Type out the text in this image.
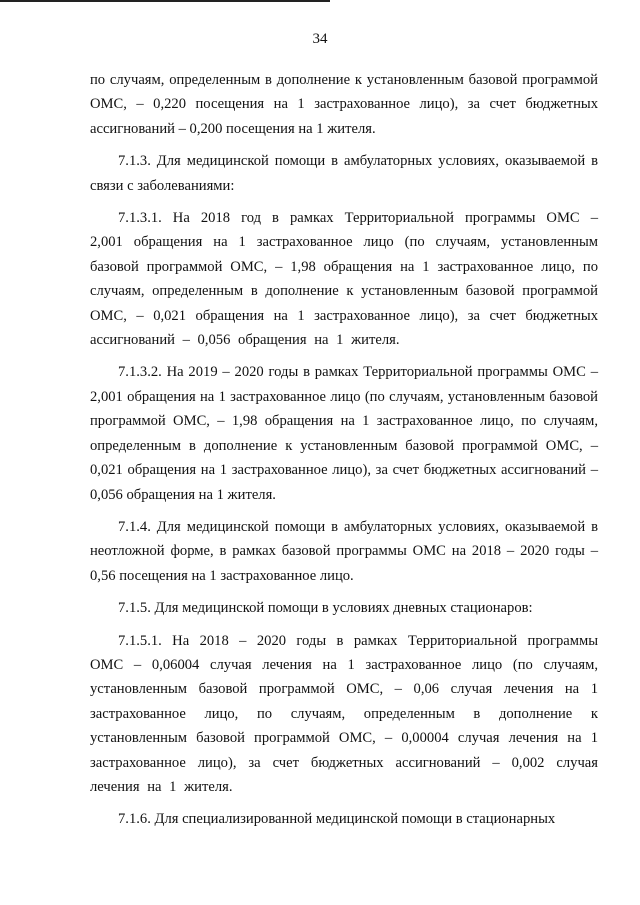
34

по случаям, определенным в дополнение к установленным базовой программой ОМС, – 0,220 посещения на 1 застрахованное лицо), за счет бюджетных ассигнований – 0,200 посещения на 1 жителя.

7.1.3. Для медицинской помощи в амбулаторных условиях, оказываемой в связи с заболеваниями:

7.1.3.1. На 2018 год в рамках Территориальной программы ОМС – 2,001 обращения на 1 застрахованное лицо (по случаям, установленным базовой программой ОМС, – 1,98 обращения на 1 застрахованное лицо, по случаям, определенным в дополнение к установленным базовой программой ОМС, – 0,021 обращения на 1 застрахованное лицо), за счет бюджетных ассигнований – 0,056 обращения на 1 жителя.

7.1.3.2. На 2019 – 2020 годы в рамках Территориальной программы ОМС – 2,001 обращения на 1 застрахованное лицо (по случаям, установленным базовой программой ОМС, – 1,98 обращения на 1 застрахованное лицо, по случаям, определенным в дополнение к установленным базовой программой ОМС, – 0,021 обращения на 1 застрахованное лицо), за счет бюджетных ассигнований – 0,056 обращения на 1 жителя.

7.1.4. Для медицинской помощи в амбулаторных условиях, оказываемой в неотложной форме, в рамках базовой программы ОМС на 2018 – 2020 годы – 0,56 посещения на 1 застрахованное лицо.

7.1.5. Для медицинской помощи в условиях дневных стационаров:

7.1.5.1. На 2018 – 2020 годы в рамках Территориальной программы ОМС – 0,06004 случая лечения на 1 застрахованное лицо (по случаям, установленным базовой программой ОМС, – 0,06 случая лечения на 1 застрахованное лицо, по случаям, определенным в дополнение к установленным базовой программой ОМС, – 0,00004 случая лечения на 1 застрахованное лицо), за счет бюджетных ассигнований – 0,002 случая лечения на 1 жителя.

7.1.6. Для специализированной медицинской помощи в стационарных
